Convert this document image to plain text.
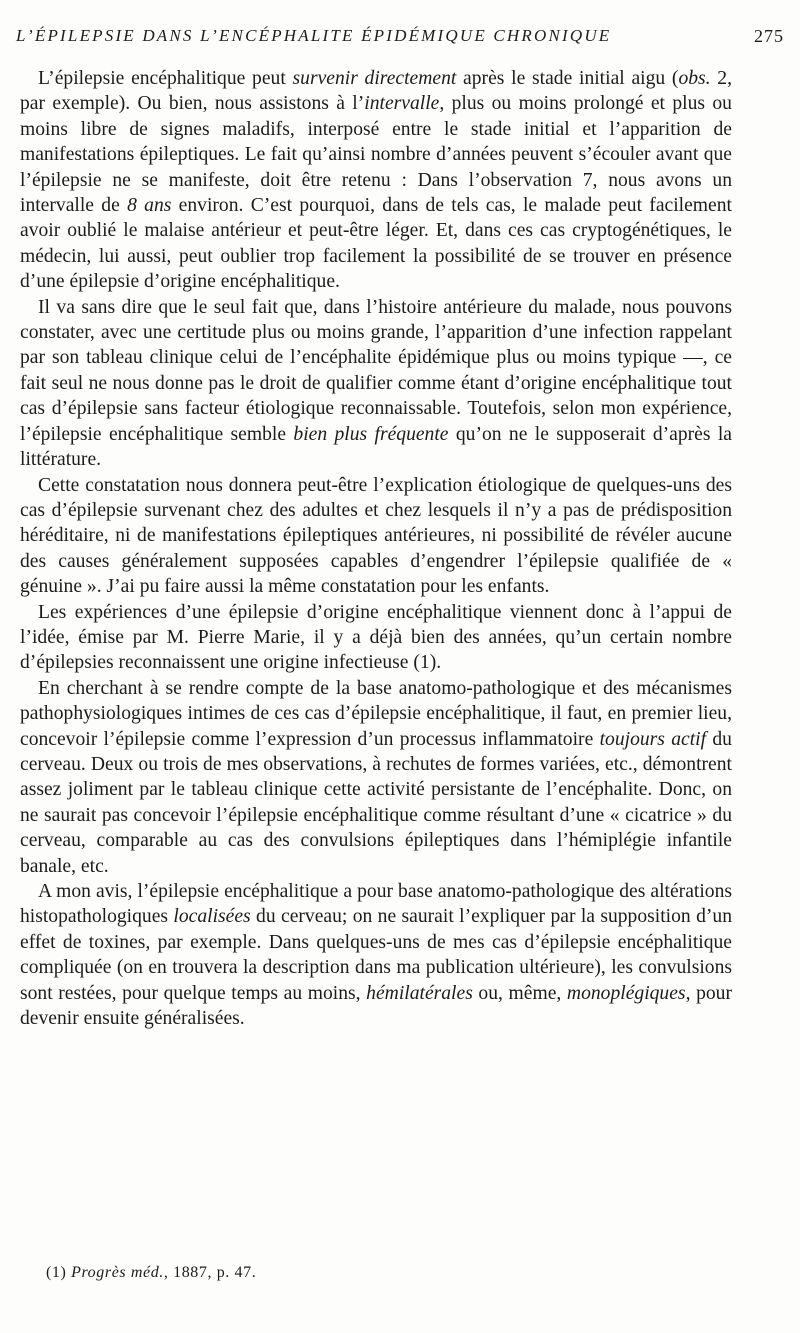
L’ÉPILEPSIE DANS L’ENCÉPHALITE ÉPIDÉMIQUE CHRONIQUE	275

L’épilepsie encéphalitique peut survenir directement après le stade initial aigu (obs. 2, par exemple). Ou bien, nous assistons à l’intervalle, plus ou moins prolongé et plus ou moins libre de signes maladifs, interposé entre le stade initial et l’apparition de manifestations épileptiques. Le fait qu’ainsi nombre d’années peuvent s’écouler avant que l’épilepsie ne se manifeste, doit être retenu : Dans l’observation 7, nous avons un intervalle de 8 ans environ. C’est pourquoi, dans de tels cas, le malade peut facilement avoir oublié le malaise antérieur et peut-être léger. Et, dans ces cas cryptogénétiques, le médecin, lui aussi, peut oublier trop facilement la possibilité de se trouver en présence d’une épilepsie d’origine encéphalitique.

Il va sans dire que le seul fait que, dans l’histoire antérieure du malade, nous pouvons constater, avec une certitude plus ou moins grande, l’apparition d’une infection rappelant par son tableau clinique celui de l’encéphalite épidémique plus ou moins typique —, ce fait seul ne nous donne pas le droit de qualifier comme étant d’origine encéphalitique tout cas d’épilepsie sans facteur étiologique reconnaissable. Toutefois, selon mon expérience, l’épilepsie encéphalitique semble bien plus fréquente qu’on ne le supposerait d’après la littérature.

Cette constatation nous donnera peut-être l’explication étiologique de quelques-uns des cas d’épilepsie survenant chez des adultes et chez lesquels il n’y a pas de prédisposition héréditaire, ni de manifestations épileptiques antérieures, ni possibilité de révéler aucune des causes généralement supposées capables d’engendrer l’épilepsie qualifiée de « génuine ». J’ai pu faire aussi la même constatation pour les enfants.

Les expériences d’une épilepsie d’origine encéphalitique viennent donc à l’appui de l’idée, émise par M. Pierre Marie, il y a déjà bien des années, qu’un certain nombre d’épilepsies reconnaissent une origine infectieuse (1).

En cherchant à se rendre compte de la base anatomo-pathologique et des mécanismes pathophysiologiques intimes de ces cas d’épilepsie encéphalitique, il faut, en premier lieu, concevoir l’épilepsie comme l’expression d’un processus inflammatoire toujours actif du cerveau. Deux ou trois de mes observations, à rechutes de formes variées, etc., démontrent assez joliment par le tableau clinique cette activité persistante de l’encéphalite. Donc, on ne saurait pas concevoir l’épilepsie encéphalitique comme résultant d’une « cicatrice » du cerveau, comparable au cas des convulsions épileptiques dans l’hémiplégie infantile banale, etc.

A mon avis, l’épilepsie encéphalitique a pour base anatomo-pathologique des altérations histopathologiques localisées du cerveau; on ne saurait l’expliquer par la supposition d’un effet de toxines, par exemple. Dans quelques-uns de mes cas d’épilepsie encéphalitique compliquée (on en trouvera la description dans ma publication ultérieure), les convulsions sont restées, pour quelque temps au moins, hémilatérales ou, même, monoplégiques, pour devenir ensuite généralisées.

(1) Progrès méd., 1887, p. 47.
